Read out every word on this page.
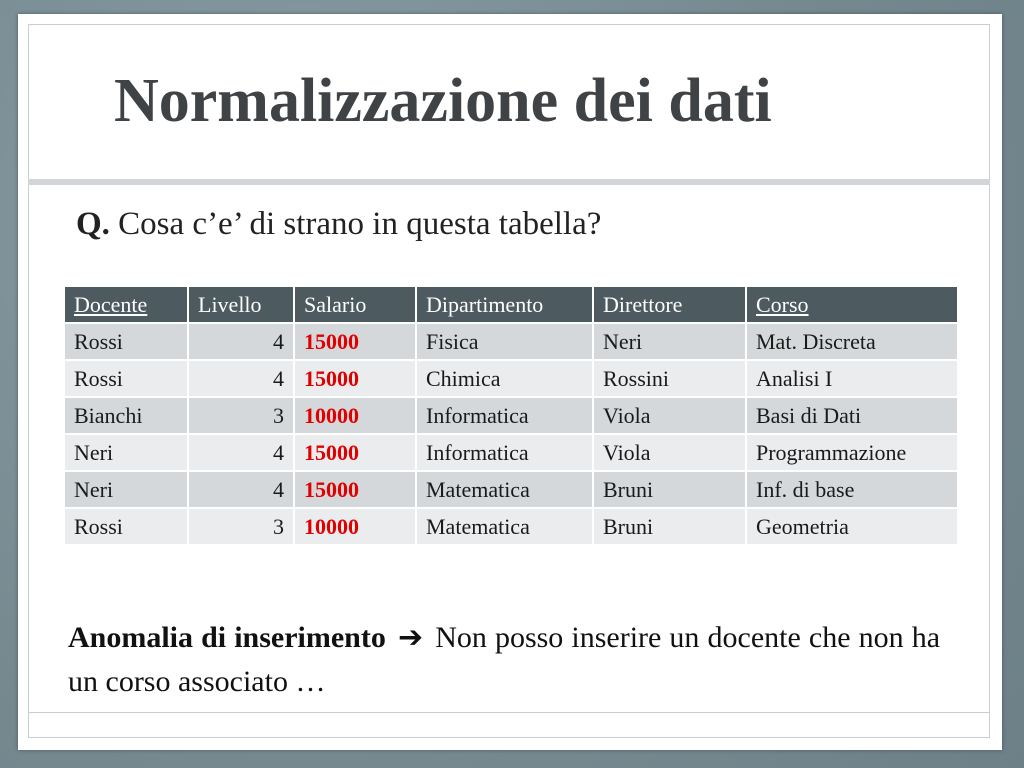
Normalizzazione dei dati
Q. Cosa c’e’ di strano in questa tabella?
Docente	Livello	Salario	Dipartimento	Direttore	Corso
Rossi	4	15000	Fisica	Neri	Mat. Discreta
Rossi	4	15000	Chimica	Rossini	Analisi I
Bianchi	3	10000	Informatica	Viola	Basi di Dati
Neri	4	15000	Informatica	Viola	Programmazione
Neri	4	15000	Matematica	Bruni	Inf. di base
Rossi	3	10000	Matematica	Bruni	Geometria
Anomalia di inserimento ➔ Non posso inserire un docente che non ha un corso associato …
